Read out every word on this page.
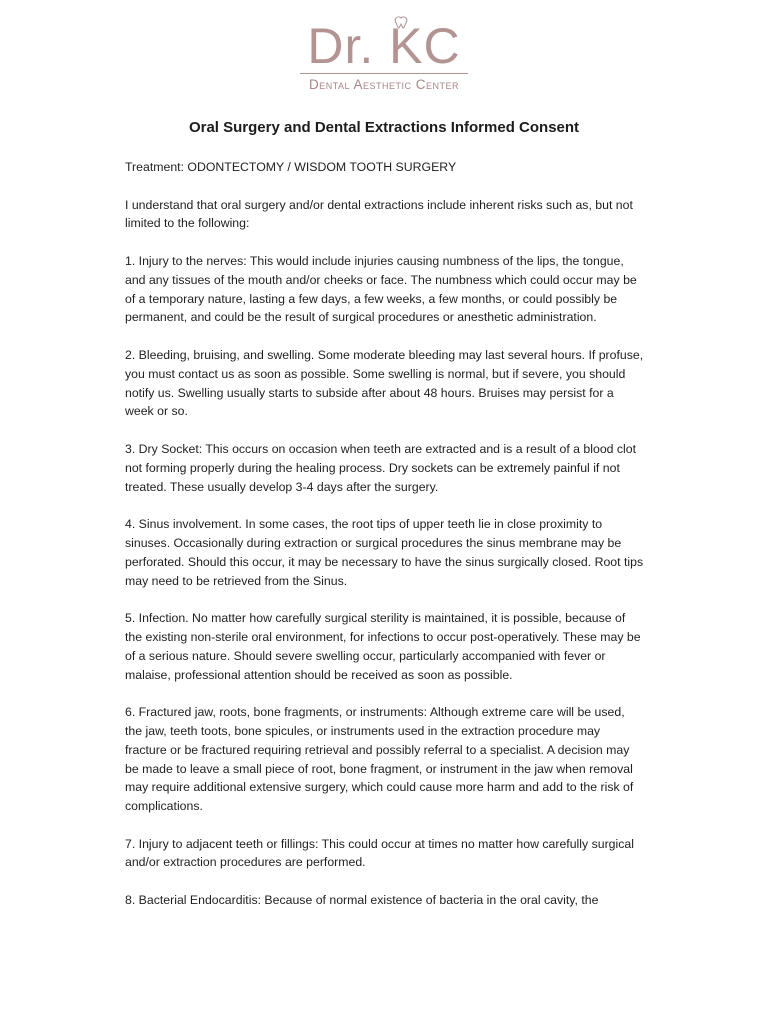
Dr. KC
Dental Aesthetic Center
Oral Surgery and Dental Extractions Informed Consent

Treatment: ODONTECTOMY / WISDOM TOOTH SURGERY

I understand that oral surgery and/or dental extractions include inherent risks such as, but not limited to the following:

1. Injury to the nerves: This would include injuries causing numbness of the lips, the tongue, and any tissues of the mouth and/or cheeks or face. The numbness which could occur may be of a temporary nature, lasting a few days, a few weeks, a few months, or could possibly be permanent, and could be the result of surgical procedures or anesthetic administration.

2. Bleeding, bruising, and swelling. Some moderate bleeding may last several hours. If profuse, you must contact us as soon as possible. Some swelling is normal, but if severe, you should notify us. Swelling usually starts to subside after about 48 hours. Bruises may persist for a week or so.

3. Dry Socket: This occurs on occasion when teeth are extracted and is a result of a blood clot not forming properly during the healing process. Dry sockets can be extremely painful if not treated. These usually develop 3-4 days after the surgery.

4. Sinus involvement. In some cases, the root tips of upper teeth lie in close proximity to sinuses. Occasionally during extraction or surgical procedures the sinus membrane may be perforated. Should this occur, it may be necessary to have the sinus surgically closed. Root tips may need to be retrieved from the Sinus.

5. Infection. No matter how carefully surgical sterility is maintained, it is possible, because of the existing non-sterile oral environment, for infections to occur post-operatively. These may be of a serious nature. Should severe swelling occur, particularly accompanied with fever or malaise, professional attention should be received as soon as possible.

6. Fractured jaw, roots, bone fragments, or instruments: Although extreme care will be used, the jaw, teeth toots, bone spicules, or instruments used in the extraction procedure may fracture or be fractured requiring retrieval and possibly referral to a specialist. A decision may be made to leave a small piece of root, bone fragment, or instrument in the jaw when removal may require additional extensive surgery, which could cause more harm and add to the risk of complications.

7. Injury to adjacent teeth or fillings: This could occur at times no matter how carefully surgical and/or extraction procedures are performed.

8. Bacterial Endocarditis: Because of normal existence of bacteria in the oral cavity, the
